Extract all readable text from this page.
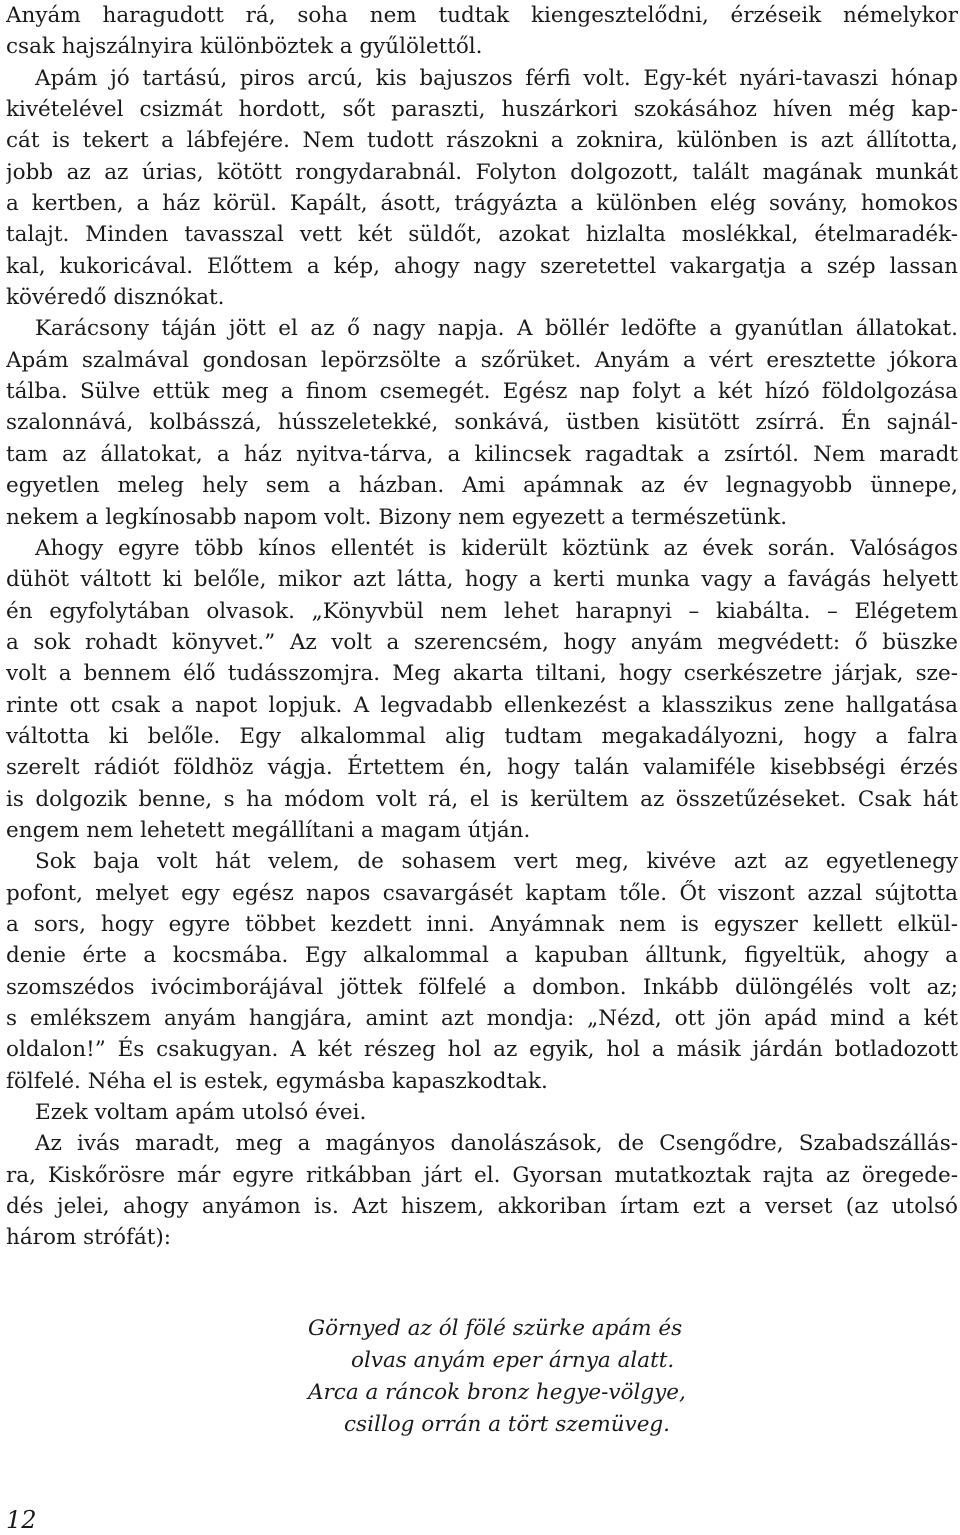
Anyám haragudott rá, soha nem tudtak kiengesztelődni, érzéseik némelykor
csak hajszálnyira különböztek a gyűlölettől.
Apám jó tartású, piros arcú, kis bajuszos férfi volt. Egy-két nyári-tavaszi hónap
kivételével csizmát hordott, sőt paraszti, huszárkori szokásához híven még kap-
cát is tekert a lábfejére. Nem tudott rászokni a zoknira, különben is azt állította,
jobb az az úrias, kötött rongydarabnál. Folyton dolgozott, talált magának munkát
a kertben, a ház körül. Kapált, ásott, trágyázta a különben elég sovány, homokos
talajt. Minden tavasszal vett két süldőt, azokat hizlalta moslékkal, ételmaradék-
kal, kukoricával. Előttem a kép, ahogy nagy szeretettel vakargatja a szép lassan
kövéredő disznókat.
Karácsony táján jött el az ő nagy napja. A böllér ledöfte a gyanútlan állatokat.
Apám szalmával gondosan lepörzsölte a szőrüket. Anyám a vért eresztette jókora
tálba. Sülve ettük meg a finom csemegét. Egész nap folyt a két hízó földolgozása
szalonnává, kolbásszá, hússzeletekké, sonkává, üstben kisütött zsírrá. Én sajnál-
tam az állatokat, a ház nyitva-tárva, a kilincsek ragadtak a zsírtól. Nem maradt
egyetlen meleg hely sem a házban. Ami apámnak az év legnagyobb ünnepe,
nekem a legkínosabb napom volt. Bizony nem egyezett a természetünk.
Ahogy egyre több kínos ellentét is kiderült köztünk az évek során. Valóságos
dühöt váltott ki belőle, mikor azt látta, hogy a kerti munka vagy a favágás helyett
én egyfolytában olvasok. „Könyvbül nem lehet harapnyi – kiabálta. – Elégetem
a sok rohadt könyvet.” Az volt a szerencsém, hogy anyám megvédett: ő büszke
volt a bennem élő tudásszomjra. Meg akarta tiltani, hogy cserkészetre járjak, sze-
rinte ott csak a napot lopjuk. A legvadabb ellenkezést a klasszikus zene hallgatása
váltotta ki belőle. Egy alkalommal alig tudtam megakadályozni, hogy a falra
szerelt rádiót földhöz vágja. Értettem én, hogy talán valamiféle kisebbségi érzés
is dolgozik benne, s ha módom volt rá, el is kerültem az összetűzéseket. Csak hát
engem nem lehetett megállítani a magam útján.
Sok baja volt hát velem, de sohasem vert meg, kivéve azt az egyetlenegy
pofont, melyet egy egész napos csavargásét kaptam tőle. Őt viszont azzal sújtotta
a sors, hogy egyre többet kezdett inni. Anyámnak nem is egyszer kellett elkül-
denie érte a kocsmába. Egy alkalommal a kapuban álltunk, figyeltük, ahogy a
szomszédos ivócimborájával jöttek fölfelé a dombon. Inkább dülöngélés volt az;
s emlékszem anyám hangjára, amint azt mondja: „Nézd, ott jön apád mind a két
oldalon!” És csakugyan. A két részeg hol az egyik, hol a másik járdán botladozott
fölfelé. Néha el is estek, egymásba kapaszkodtak.
Ezek voltam apám utolsó évei.
Az ivás maradt, meg a magányos danolászások, de Csengődre, Szabadszállás-
ra, Kiskőrösre már egyre ritkábban járt el. Gyorsan mutatkoztak rajta az öregede-
dés jelei, ahogy anyámon is. Azt hiszem, akkoriban írtam ezt a verset (az utolsó
három strófát):
Görnyed az ól fölé szürke apám és
olvas anyám eper árnya alatt.
Arca a ráncok bronz hegye-völgye,
csillog orrán a tört szemüveg.
12
